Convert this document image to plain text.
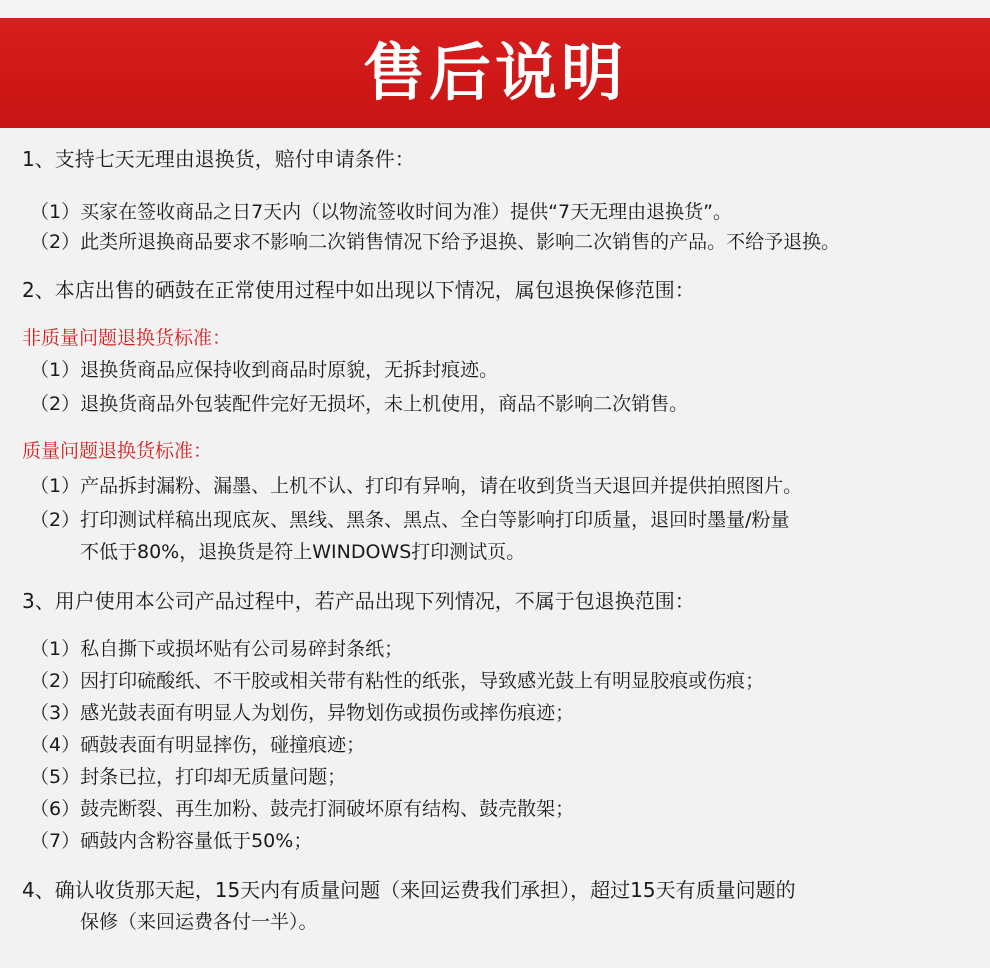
售后说明
1、支持七天无理由退换货，赔付申请条件：
（1）买家在签收商品之日7天内（以物流签收时间为准）提供“7天无理由退换货”。
（2）此类所退换商品要求不影响二次销售情况下给予退换、影响二次销售的产品。不给予退换。
2、本店出售的硒鼓在正常使用过程中如出现以下情况，属包退换保修范围：
非质量问题退换货标准：
（1）退换货商品应保持收到商品时原貌，无拆封痕迹。
（2）退换货商品外包装配件完好无损坏，未上机使用，商品不影响二次销售。
质量问题退换货标准：
（1）产品拆封漏粉、漏墨、上机不认、打印有异响，请在收到货当天退回并提供拍照图片。
（2）打印测试样稿出现底灰、黑线、黑条、黑点、全白等影响打印质量，退回时墨量/粉量
不低于80%，退换货是符上WINDOWS打印测试页。
3、用户使用本公司产品过程中，若产品出现下列情况，不属于包退换范围：
（1）私自撕下或损坏贴有公司易碎封条纸；
（2）因打印硫酸纸、不干胶或相关带有粘性的纸张，导致感光鼓上有明显胶痕或伤痕；
（3）感光鼓表面有明显人为划伤，异物划伤或损伤或摔伤痕迹；
（4）硒鼓表面有明显摔伤，碰撞痕迹；
（5）封条已拉，打印却无质量问题；
（6）鼓壳断裂、再生加粉、鼓壳打洞破坏原有结构、鼓壳散架；
（7）硒鼓内含粉容量低于50%；
4、确认收货那天起，15天内有质量问题（来回运费我们承担），超过15天有质量问题的
保修（来回运费各付一半）。
